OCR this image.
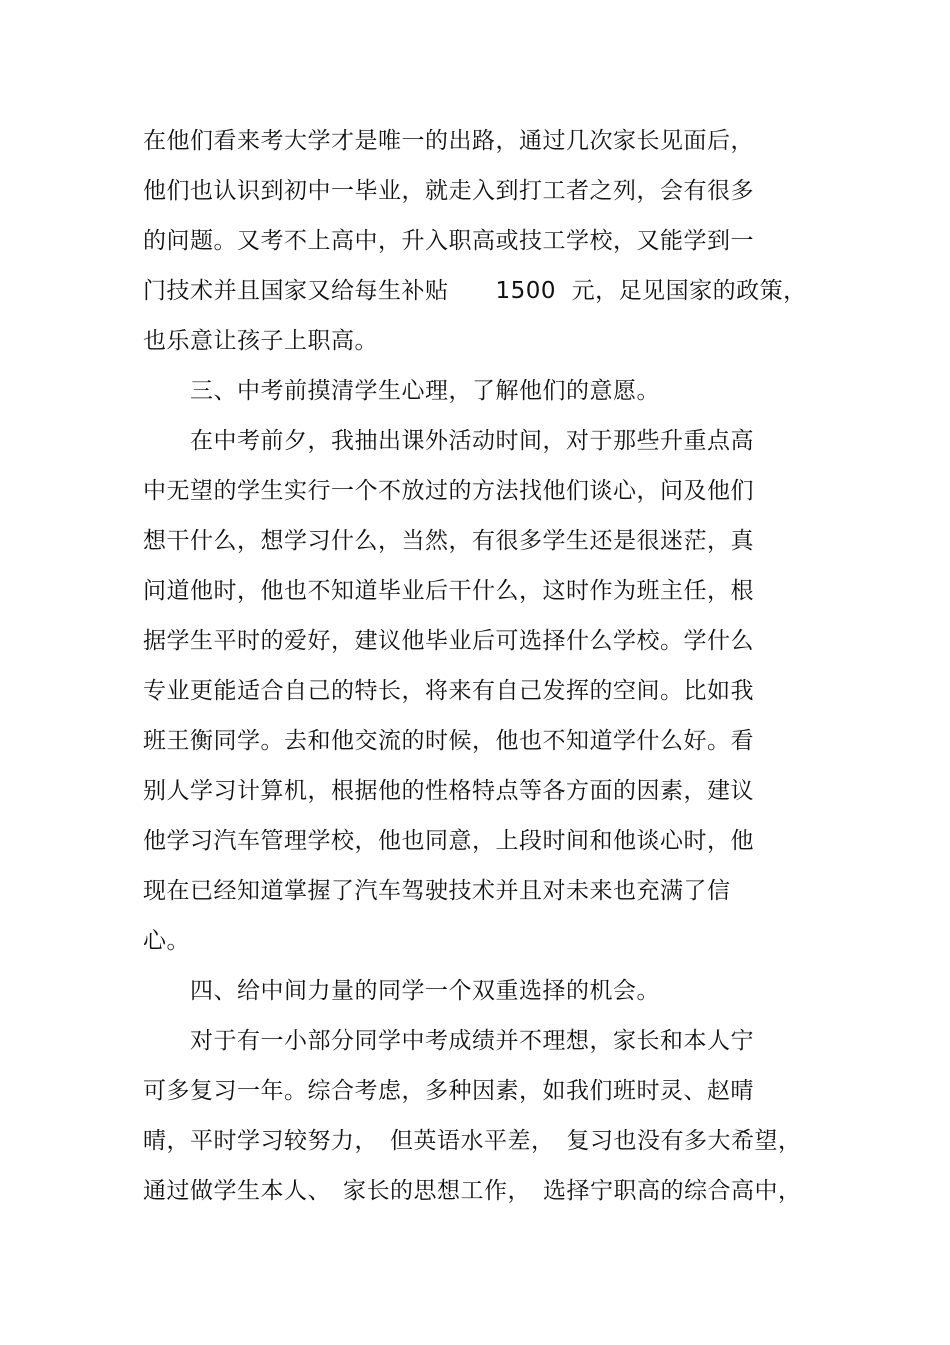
在他们看来考大学才是唯一的出路，通过几次家长见面后，
他们也认识到初中一毕业，就走入到打工者之列，会有很多
的问题。又考不上高中，升入职高或技工学校，又能学到一
门技术并且国家又给每生补贴　　1500  元，足见国家的政策，
也乐意让孩子上职高。
　　三、中考前摸清学生心理，了解他们的意愿。
　　在中考前夕，我抽出课外活动时间，对于那些升重点高
中无望的学生实行一个不放过的方法找他们谈心，问及他们
想干什么，想学习什么，当然，有很多学生还是很迷茫，真
问道他时，他也不知道毕业后干什么，这时作为班主任，根
据学生平时的爱好，建议他毕业后可选择什么学校。学什么
专业更能适合自己的特长，将来有自己发挥的空间。比如我
班王衡同学。去和他交流的时候，他也不知道学什么好。看
别人学习计算机，根据他的性格特点等各方面的因素，建议
他学习汽车管理学校，他也同意，上段时间和他谈心时，他
现在已经知道掌握了汽车驾驶技术并且对未来也充满了信
心。
　　四、给中间力量的同学一个双重选择的机会。
　　对于有一小部分同学中考成绩并不理想，家长和本人宁
可多复习一年。综合考虑，多种因素，如我们班时灵、赵晴
晴，平时学习较努力，　但英语水平差，　复习也没有多大希望，
通过做学生本人、　家长的思想工作，　选择宁职高的综合高中，
